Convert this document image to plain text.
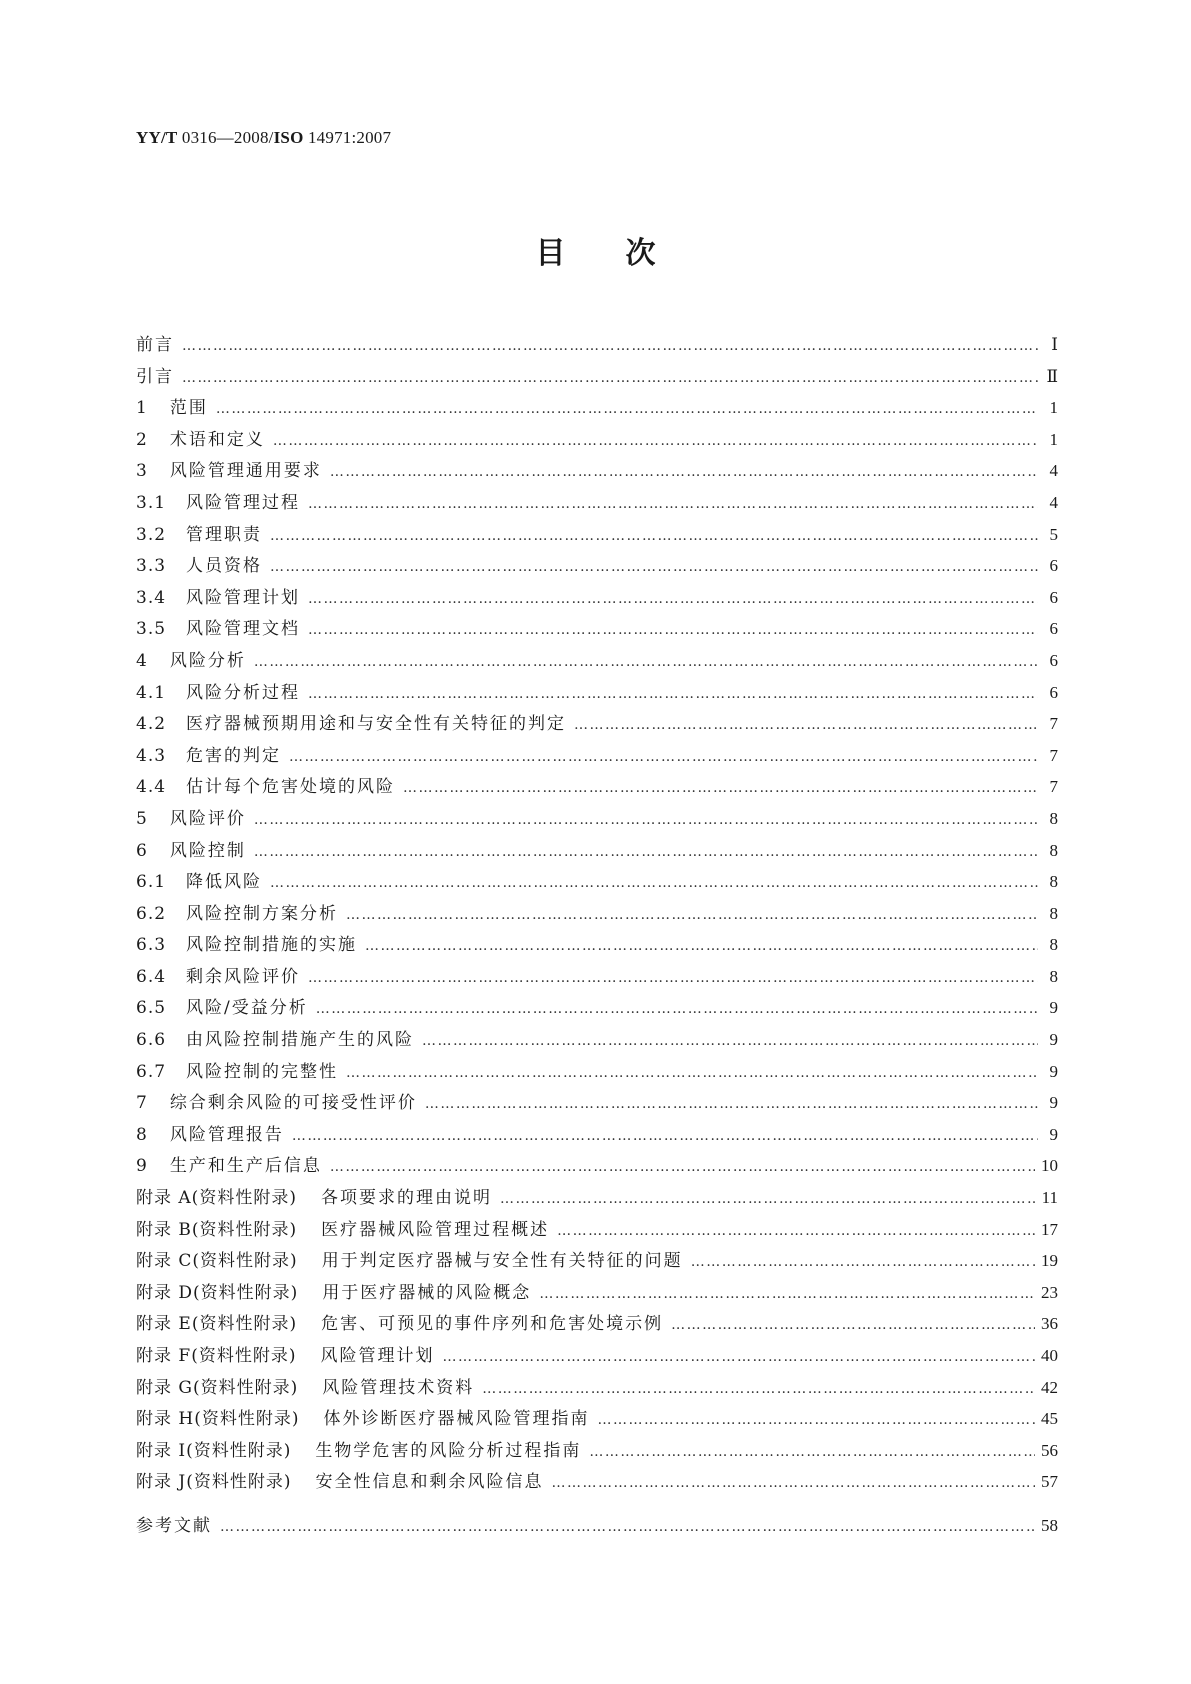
YY/T 0316—2008/ISO 14971:2007
目次
前言 ……………………………………………………………………………………………………………………………………………………………………………………………………………………………………	Ⅰ
引言 ……………………………………………………………………………………………………………………………………………………………………………………………………………………………………	Ⅱ
1 范围 ……………………………………………………………………………………………………………………………………………………………………………………………………………………………………	1
2 术语和定义 ……………………………………………………………………………………………………………………………………………………………………………………………………………………………………	1
3 风险管理通用要求 ……………………………………………………………………………………………………………………………………………………………………………………………………………………………………	4
3.1 风险管理过程 ……………………………………………………………………………………………………………………………………………………………………………………………………………………………………	4
3.2 管理职责 ……………………………………………………………………………………………………………………………………………………………………………………………………………………………………	5
3.3 人员资格 ……………………………………………………………………………………………………………………………………………………………………………………………………………………………………	6
3.4 风险管理计划 ……………………………………………………………………………………………………………………………………………………………………………………………………………………………………	6
3.5 风险管理文档 ……………………………………………………………………………………………………………………………………………………………………………………………………………………………………	6
4 风险分析 ……………………………………………………………………………………………………………………………………………………………………………………………………………………………………	6
4.1 风险分析过程 ……………………………………………………………………………………………………………………………………………………………………………………………………………………………………	6
4.2 医疗器械预期用途和与安全性有关特征的判定 ……………………………………………………………………………………………………………………………………………………………………………………………………………………………………	7
4.3 危害的判定 ……………………………………………………………………………………………………………………………………………………………………………………………………………………………………	7
4.4 估计每个危害处境的风险 ……………………………………………………………………………………………………………………………………………………………………………………………………………………………………	7
5 风险评价 ……………………………………………………………………………………………………………………………………………………………………………………………………………………………………	8
6 风险控制 ……………………………………………………………………………………………………………………………………………………………………………………………………………………………………	8
6.1 降低风险 ……………………………………………………………………………………………………………………………………………………………………………………………………………………………………	8
6.2 风险控制方案分析 ……………………………………………………………………………………………………………………………………………………………………………………………………………………………………	8
6.3 风险控制措施的实施 ……………………………………………………………………………………………………………………………………………………………………………………………………………………………………	8
6.4 剩余风险评价 ……………………………………………………………………………………………………………………………………………………………………………………………………………………………………	8
6.5 风险/受益分析 ……………………………………………………………………………………………………………………………………………………………………………………………………………………………………	9
6.6 由风险控制措施产生的风险 ……………………………………………………………………………………………………………………………………………………………………………………………………………………………………	9
6.7 风险控制的完整性 ……………………………………………………………………………………………………………………………………………………………………………………………………………………………………	9
7 综合剩余风险的可接受性评价 ……………………………………………………………………………………………………………………………………………………………………………………………………………………………………	9
8 风险管理报告 ……………………………………………………………………………………………………………………………………………………………………………………………………………………………………	9
9 生产和生产后信息 ……………………………………………………………………………………………………………………………………………………………………………………………………………………………………	10
附录 A(资料性附录) 各项要求的理由说明 ……………………………………………………………………………………………………………………………………………………………………………………………………………………………………	11
附录 B(资料性附录) 医疗器械风险管理过程概述 ……………………………………………………………………………………………………………………………………………………………………………………………………………………………………	17
附录 C(资料性附录) 用于判定医疗器械与安全性有关特征的问题 ……………………………………………………………………………………………………………………………………………………………………………………………………………………………………	19
附录 D(资料性附录) 用于医疗器械的风险概念 ……………………………………………………………………………………………………………………………………………………………………………………………………………………………………	23
附录 E(资料性附录) 危害、可预见的事件序列和危害处境示例 ……………………………………………………………………………………………………………………………………………………………………………………………………………………………………	36
附录 F(资料性附录) 风险管理计划 ……………………………………………………………………………………………………………………………………………………………………………………………………………………………………	40
附录 G(资料性附录) 风险管理技术资料 ……………………………………………………………………………………………………………………………………………………………………………………………………………………………………	42
附录 H(资料性附录) 体外诊断医疗器械风险管理指南 ……………………………………………………………………………………………………………………………………………………………………………………………………………………………………	45
附录 I(资料性附录) 生物学危害的风险分析过程指南 ……………………………………………………………………………………………………………………………………………………………………………………………………………………………………	56
附录 J(资料性附录) 安全性信息和剩余风险信息 ……………………………………………………………………………………………………………………………………………………………………………………………………………………………………	57
参考文献 ……………………………………………………………………………………………………………………………………………………………………………………………………………………………………	58
